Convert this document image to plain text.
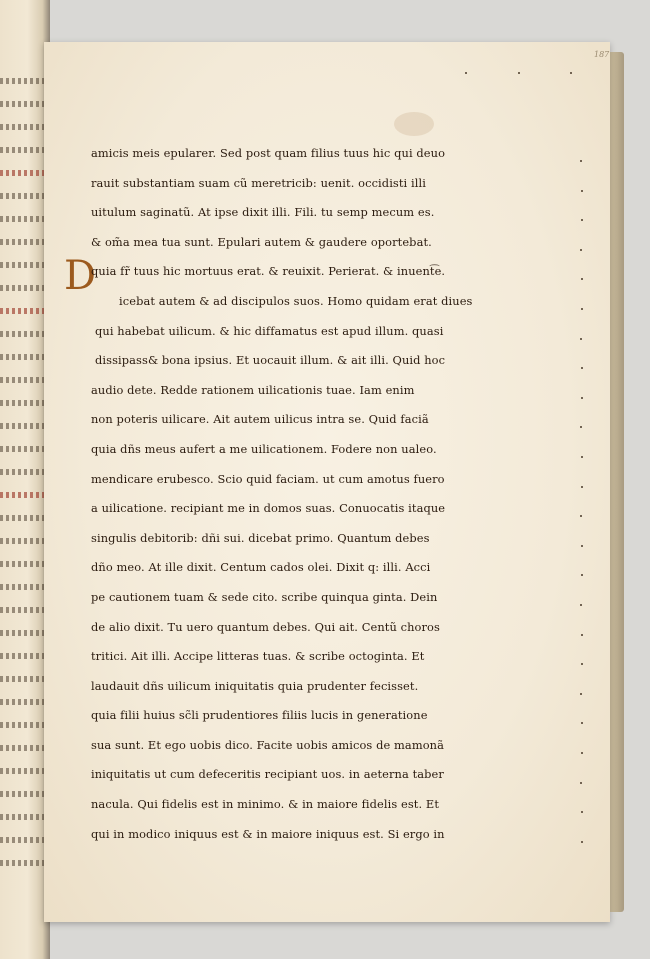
187
D
amicis meis epularer. Sed post quam filius tuus hic qui deuo
rauit substantiam suam cũ meretricib: uenit. occidisti illi
uitulum saginatũ. At ipse dixit illi. Fili. tu semp mecum es.
& om̃a mea tua sunt. Epulari autem & gaudere oportebat.
quia fr̃ tuus hic mortuus erat. & reuixit. Perierat. & inuent͡e.
icebat autem & ad discipulos suos. Homo quidam erat diues
qui habebat uilicum. & hic diffamatus est apud illum. quasi
dissipass& bona ipsius. Et uocauit illum. & ait illi. Quid hoc
audio dete. Redde rationem uilicationis tuae. Iam enim
non poteris uilicare. Ait autem uilicus intra se. Quid faciã
quia dñs meus aufert a me uilicationem. Fodere non ualeo.
mendicare erubesco. Scio quid faciam. ut cum amotus fuero
a uilicatione. recipiant me in domos suas. Conuocatis itaque
singulis debitorib: dñi sui. dicebat primo. Quantum debes
dño meo. At ille dixit. Centum cados olei. Dixit q: illi. Acci
pe cautionem tuam & sede cito. scribe quinqua ginta. Dein
de alio dixit. Tu uero quantum debes. Qui ait. Centũ choros
tritici. Ait illi. Accipe litteras tuas. & scribe octoginta. Et
laudauit dñs uilicum iniquitatis quia prudenter fecisset.
quia filii huius sc̃li prudentiores filiis lucis in generatione
sua sunt. Et ego uobis dico. Facite uobis amicos de mamonã
iniquitatis ut cum defeceritis recipiant uos. in aeterna taber
nacula. Qui fidelis est in minimo. & in maiore fidelis est. Et
qui in modico iniquus est & in maiore iniquus est. Si ergo in
